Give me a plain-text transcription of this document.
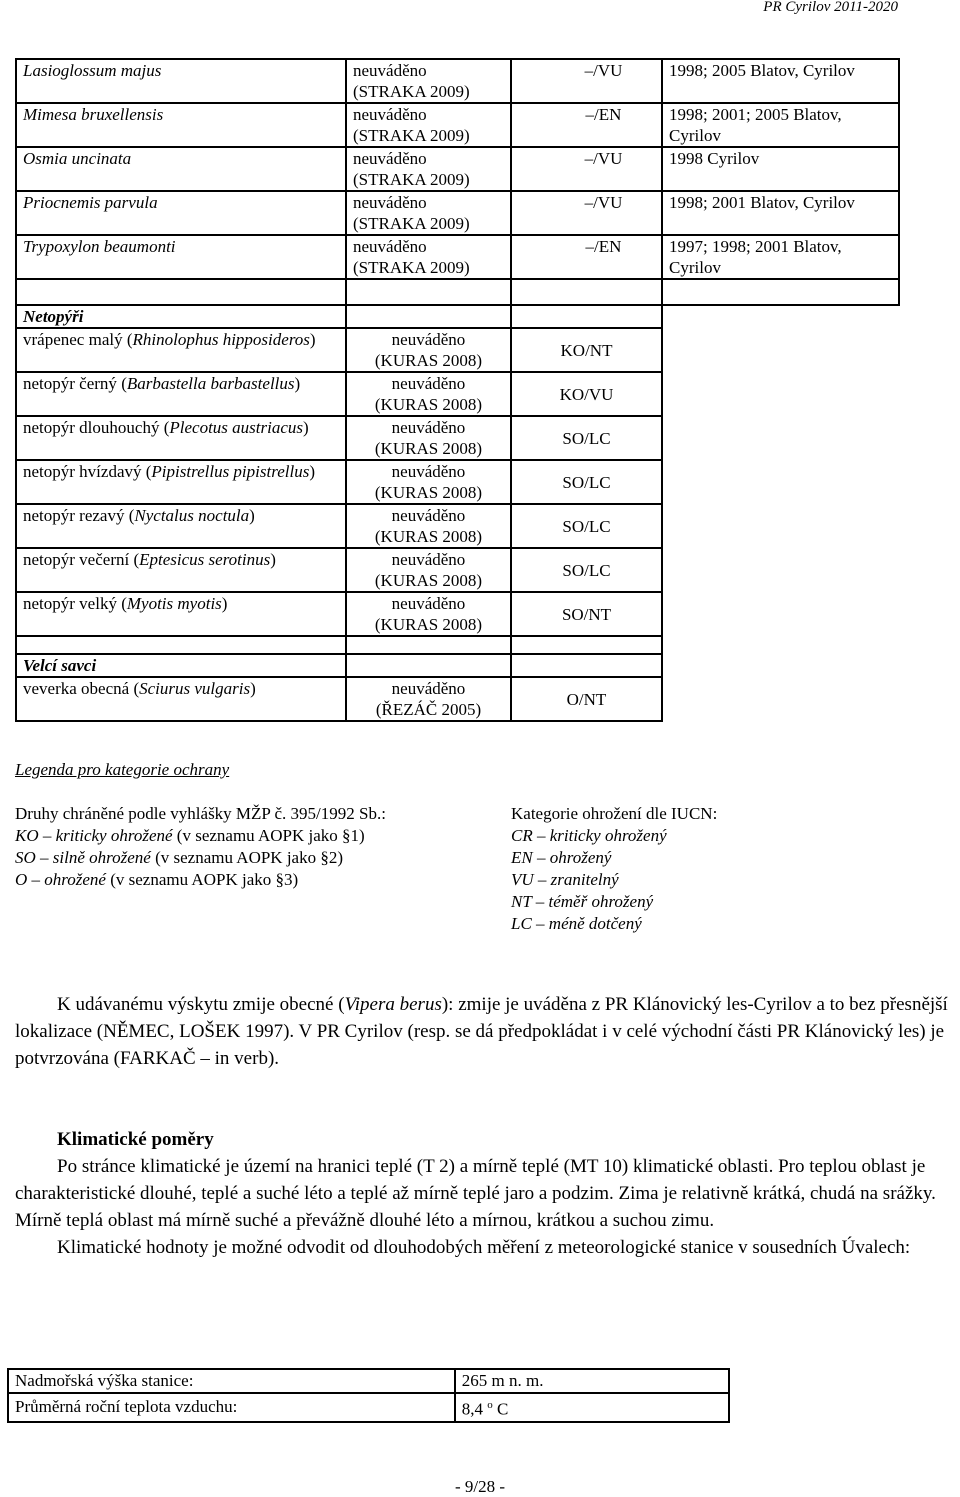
PR Cyrilov 2011-2020
Lasioglossum majus	neuváděno
(STRAKA 2009)	–/VU	1998; 2005 Blatov, Cyrilov
Mimesa bruxellensis	neuváděno
(STRAKA 2009)	–/EN	1998; 2001; 2005 Blatov, Cyrilov
Osmia uncinata	neuváděno
(STRAKA 2009)	–/VU	1998 Cyrilov
Priocnemis parvula	neuváděno
(STRAKA 2009)	–/VU	1998; 2001 Blatov, Cyrilov
Trypoxylon beaumonti	neuváděno
(STRAKA 2009)	–/EN	1997; 1998; 2001 Blatov, Cyrilov

Netopýři			
vrápenec malý (Rhinolophus hipposideros)	neuváděno
(KURAS 2008)	KO/NT	
netopýr černý (Barbastella barbastellus)	neuváděno
(KURAS 2008)	KO/VU	
netopýr dlouhouchý (Plecotus austriacus)	neuváděno
(KURAS 2008)	SO/LC	
netopýr hvízdavý (Pipistrellus pipistrellus)	neuváděno
(KURAS 2008)	SO/LC	
netopýr rezavý (Nyctalus noctula)	neuváděno
(KURAS 2008)	SO/LC	
netopýr večerní (Eptesicus serotinus)	neuváděno
(KURAS 2008)	SO/LC	
netopýr velký (Myotis myotis)	neuváděno
(KURAS 2008)	SO/NT	

Velcí savci			
veverka obecná (Sciurus vulgaris)	neuváděno
(ŘEZÁČ 2005)	O/NT	
Legenda pro kategorie ochrany
Druhy chráněné podle vyhlášky MŽP č. 395/1992 Sb.:
KO – kriticky ohrožené (v seznamu AOPK jako §1)
SO – silně ohrožené (v seznamu AOPK jako §2)
O – ohrožené (v seznamu AOPK jako §3)
Kategorie ohrožení dle IUCN:
CR – kriticky ohrožený
EN – ohrožený
VU – zranitelný
NT – téměř ohrožený
LC – méně dotčený

K udávanému výskytu zmije obecné (Vipera berus): zmije je uváděna z PR Klánovický les-Cyrilov a to bez přesnější lokalizace (NĚMEC, LOŠEK 1997). V PR Cyrilov (resp. se dá předpokládat i v celé východní části PR Klánovický les) je potvrzována (FARKAČ – in verb).

Klimatické poměry

Po stránce klimatické je území na hranici teplé (T 2) a mírně teplé (MT 10) klimatické oblasti. Pro teplou oblast je charakteristické dlouhé, teplé a suché léto a teplé až mírně teplé jaro a podzim. Zima je relativně krátká, chudá na srážky. Mírně teplá oblast má mírně suché a převážně dlouhé léto a mírnou, krátkou a suchou zimu.

Klimatické hodnoty je možné odvodit od dlouhodobých měření z meteorologické stanice v sousedních Úvalech:

Nadmořská výška stanice:	265 m n. m.
Průměrná roční teplota vzduchu:	8,4 $^o$ C
- 9/28 -
